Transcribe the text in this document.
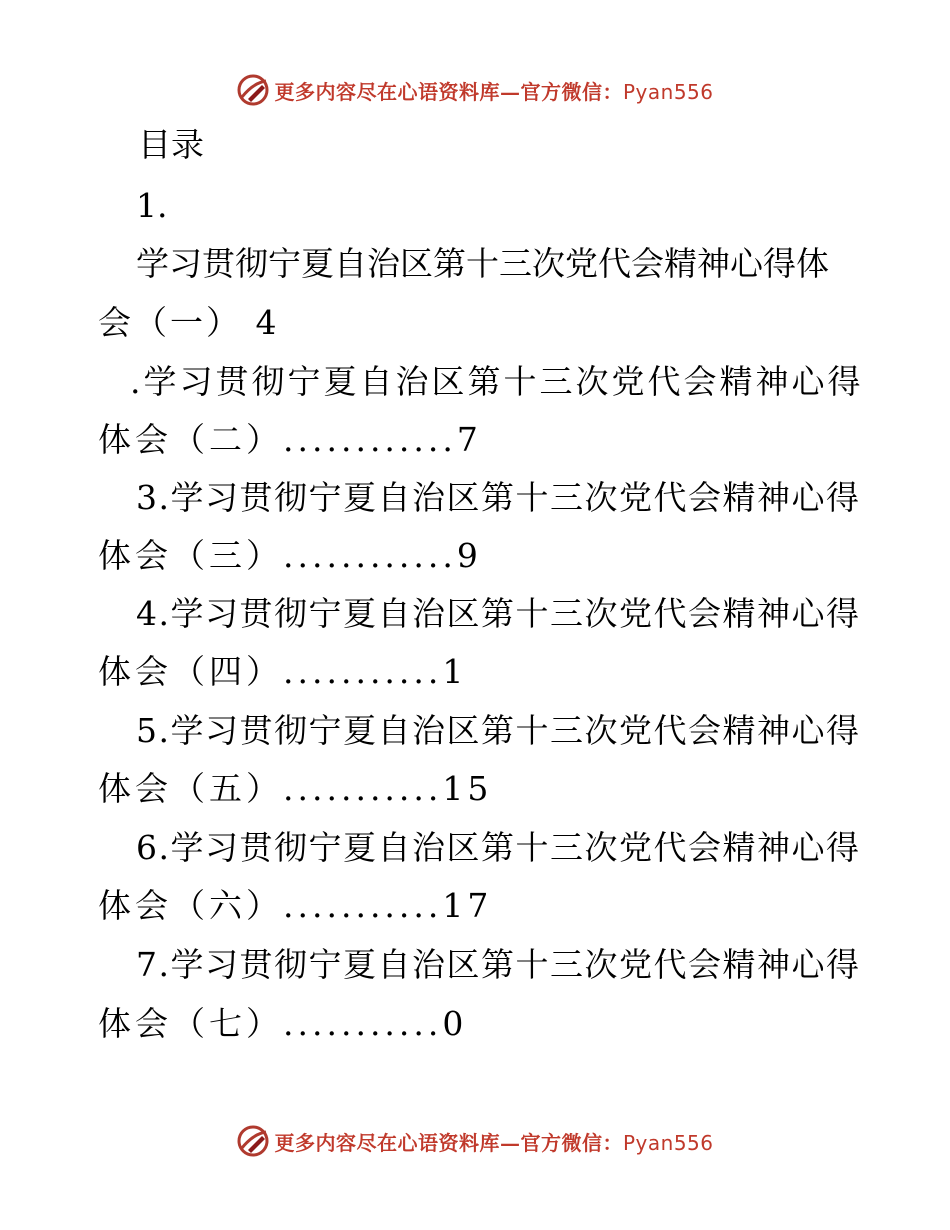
更多内容尽在心语资料库—官方微信：Pyan556
目录
1.
学习贯彻宁夏自治区第十三次党代会精神心得体
会（一） 4
.学习贯彻宁夏自治区第十三次党代会精神心得
体会（二）............7
3.学习贯彻宁夏自治区第十三次党代会精神心得
体会（三）............9
4.学习贯彻宁夏自治区第十三次党代会精神心得
体会（四）...........1
5.学习贯彻宁夏自治区第十三次党代会精神心得
体会（五）...........15
6.学习贯彻宁夏自治区第十三次党代会精神心得
体会（六）...........17
7.学习贯彻宁夏自治区第十三次党代会精神心得
体会（七）...........0
更多内容尽在心语资料库—官方微信：Pyan556
